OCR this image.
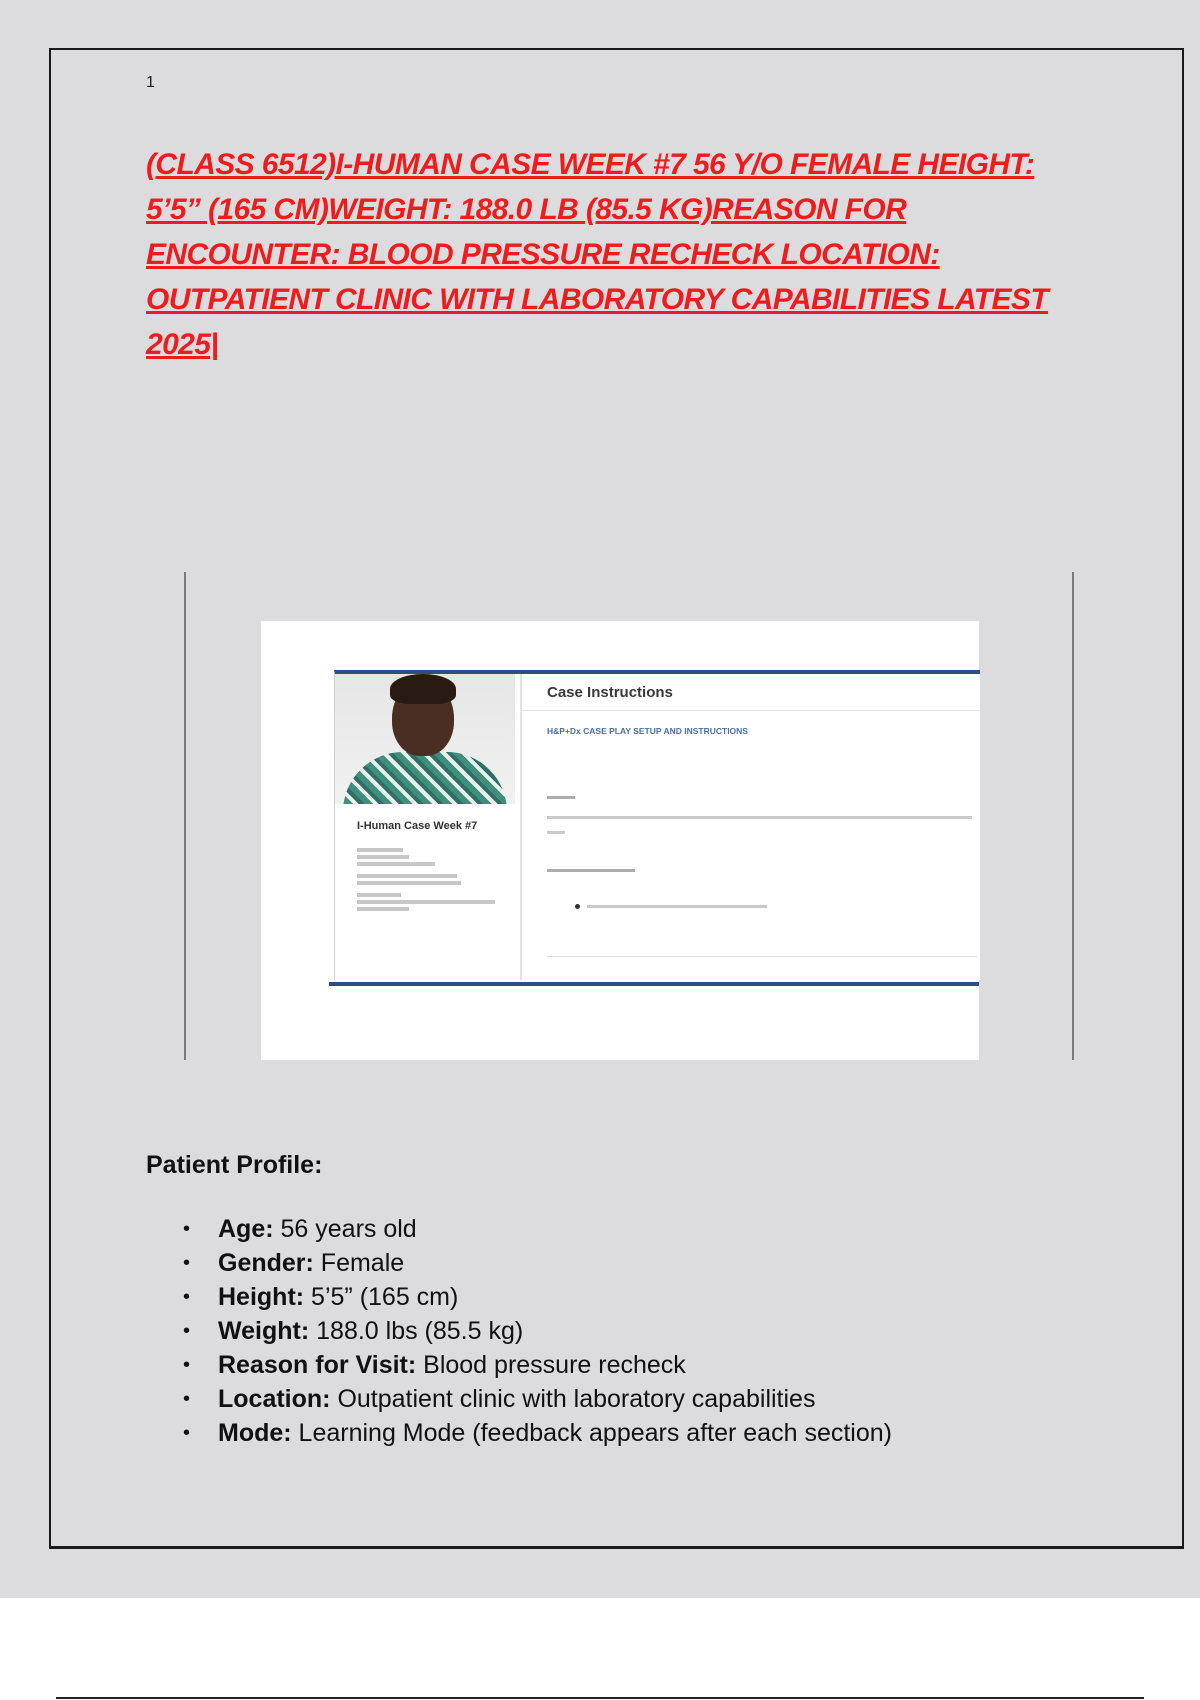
1
(CLASS 6512)I-HUMAN CASE WEEK #7 56 Y/O FEMALE HEIGHT: 5’5” (165 CM)WEIGHT: 188.0 LB (85.5 KG)REASON FOR ENCOUNTER: BLOOD PRESSURE RECHECK LOCATION: OUTPATIENT CLINIC WITH LABORATORY CAPABILITIES LATEST 2025|
I-Human Case Week #7
Case Instructions
H&P+Dx CASE PLAY SETUP AND INSTRUCTIONS
Patient Profile:
• Age: 56 years old
• Gender: Female
• Height: 5’5” (165 cm)
• Weight: 188.0 lbs (85.5 kg)
• Reason for Visit: Blood pressure recheck
• Location: Outpatient clinic with laboratory capabilities
• Mode: Learning Mode (feedback appears after each section)
